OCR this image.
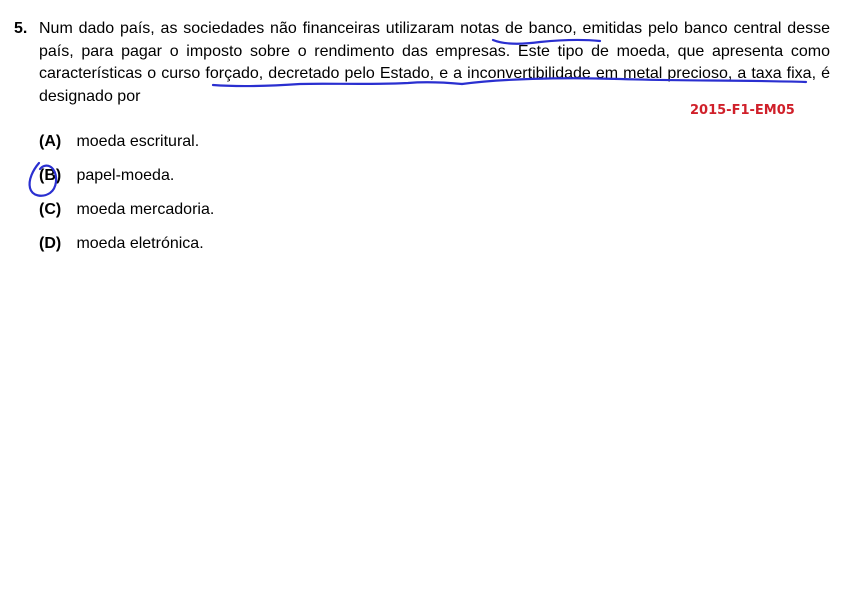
5. Num dado país, as sociedades não financeiras utilizaram notas de banco, emitidas pelo banco central desse país, para pagar o imposto sobre o rendimento das empresas. Este tipo de moeda, que apresenta como características o curso forçado, decretado pelo Estado, e a inconvertibilidade em metal precioso, a taxa fixa, é designado por
2015-F1-EM05
(A) moeda escritural.
(B) papel-moeda.
(C) moeda mercadoria.
(D) moeda eletrónica.
